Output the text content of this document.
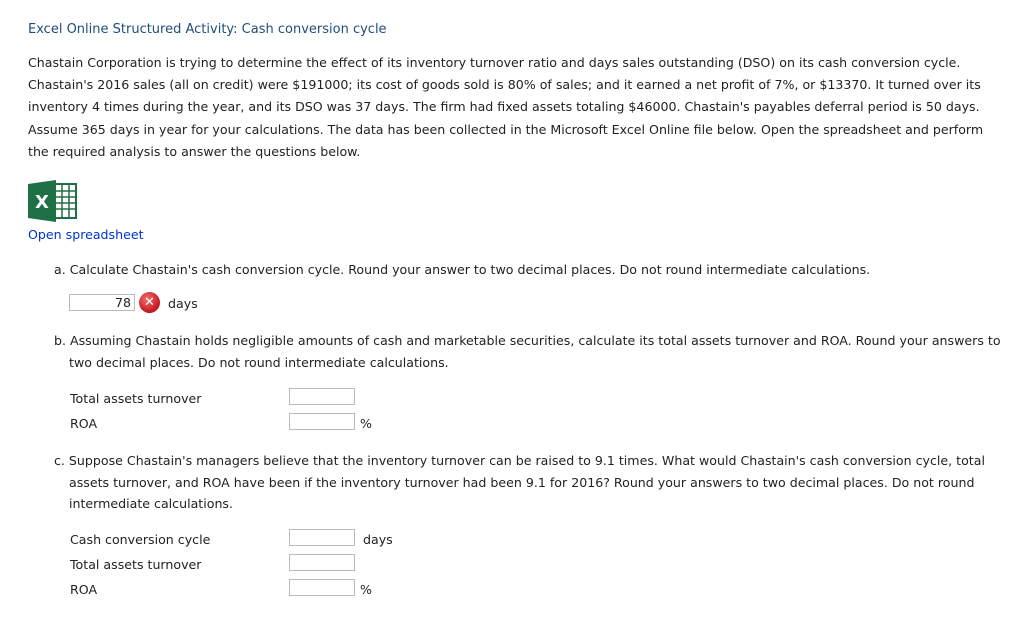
Excel Online Structured Activity: Cash conversion cycle
Chastain Corporation is trying to determine the effect of its inventory turnover ratio and days sales outstanding (DSO) on its cash conversion cycle. Chastain's 2016 sales (all on credit) were $191000; its cost of goods sold is 80% of sales; and it earned a net profit of 7%, or $13370. It turned over its inventory 4 times during the year, and its DSO was 37 days. The firm had fixed assets totaling $46000. Chastain's payables deferral period is 50 days. Assume 365 days in year for your calculations. The data has been collected in the Microsoft Excel Online file below. Open the spreadsheet and perform the required analysis to answer the questions below.
X
Open spreadsheet
a. Calculate Chastain's cash conversion cycle. Round your answer to two decimal places. Do not round intermediate calculations.
78	✕	days
b. Assuming Chastain holds negligible amounts of cash and marketable securities, calculate its total assets turnover and ROA. Round your answers to two decimal places. Do not round intermediate calculations.
Total assets turnover
ROA	%
c. Suppose Chastain's managers believe that the inventory turnover can be raised to 9.1 times. What would Chastain's cash conversion cycle, total assets turnover, and ROA have been if the inventory turnover had been 9.1 for 2016? Round your answers to two decimal places. Do not round intermediate calculations.
Cash conversion cycle	days
Total assets turnover
ROA	%
